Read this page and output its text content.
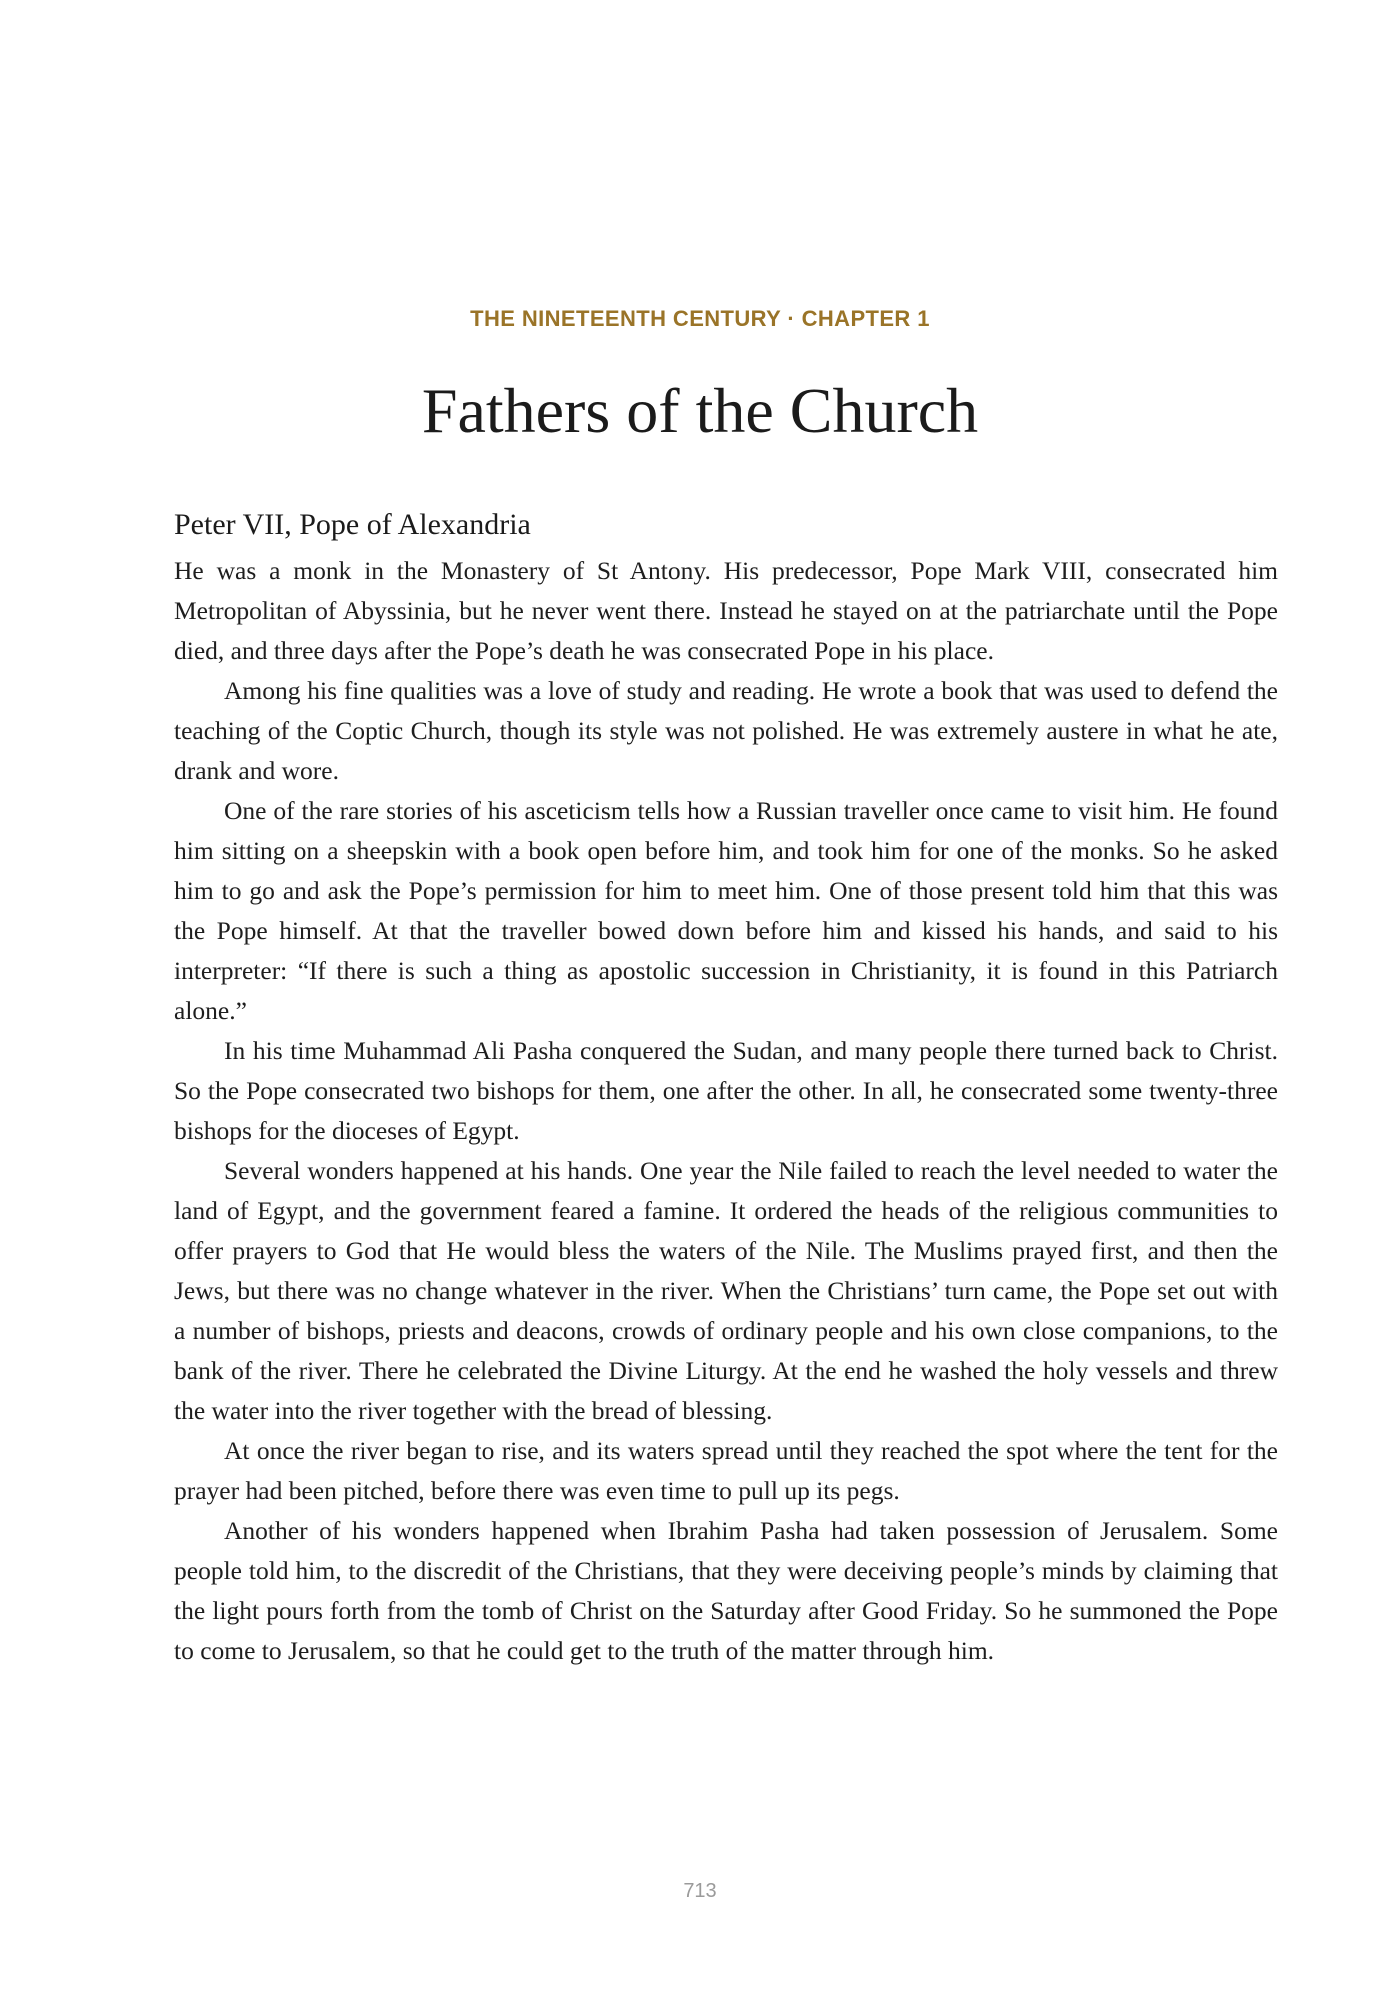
THE NINETEENTH CENTURY · CHAPTER 1
Fathers of the Church
Peter VII, Pope of Alexandria

He was a monk in the Monastery of St Antony. His predecessor, Pope Mark VIII, consecrated him Metropolitan of Abyssinia, but he never went there. Instead he stayed on at the patriarchate until the Pope died, and three days after the Pope’s death he was consecrated Pope in his place.

Among his fine qualities was a love of study and reading. He wrote a book that was used to defend the teaching of the Coptic Church, though its style was not polished. He was extremely austere in what he ate, drank and wore.

One of the rare stories of his asceticism tells how a Russian traveller once came to visit him. He found him sitting on a sheepskin with a book open before him, and took him for one of the monks. So he asked him to go and ask the Pope’s permission for him to meet him. One of those present told him that this was the Pope himself. At that the traveller bowed down before him and kissed his hands, and said to his interpreter: “If there is such a thing as apostolic succession in Christianity, it is found in this Patriarch alone.”

In his time Muhammad Ali Pasha conquered the Sudan, and many people there turned back to Christ. So the Pope consecrated two bishops for them, one after the other. In all, he consecrated some twenty-three bishops for the dioceses of Egypt.

Several wonders happened at his hands. One year the Nile failed to reach the level needed to water the land of Egypt, and the government feared a famine. It ordered the heads of the religious communities to offer prayers to God that He would bless the waters of the Nile. The Muslims prayed first, and then the Jews, but there was no change whatever in the river. When the Christians’ turn came, the Pope set out with a number of bishops, priests and deacons, crowds of ordinary people and his own close companions, to the bank of the river. There he celebrated the Divine Liturgy. At the end he washed the holy vessels and threw the water into the river together with the bread of blessing.

At once the river began to rise, and its waters spread until they reached the spot where the tent for the prayer had been pitched, before there was even time to pull up its pegs.

Another of his wonders happened when Ibrahim Pasha had taken possession of Jerusalem. Some people told him, to the discredit of the Christians, that they were deceiving people’s minds by claiming that the light pours forth from the tomb of Christ on the Saturday after Good Friday. So he summoned the Pope to come to Jerusalem, so that he could get to the truth of the matter through him.

713
